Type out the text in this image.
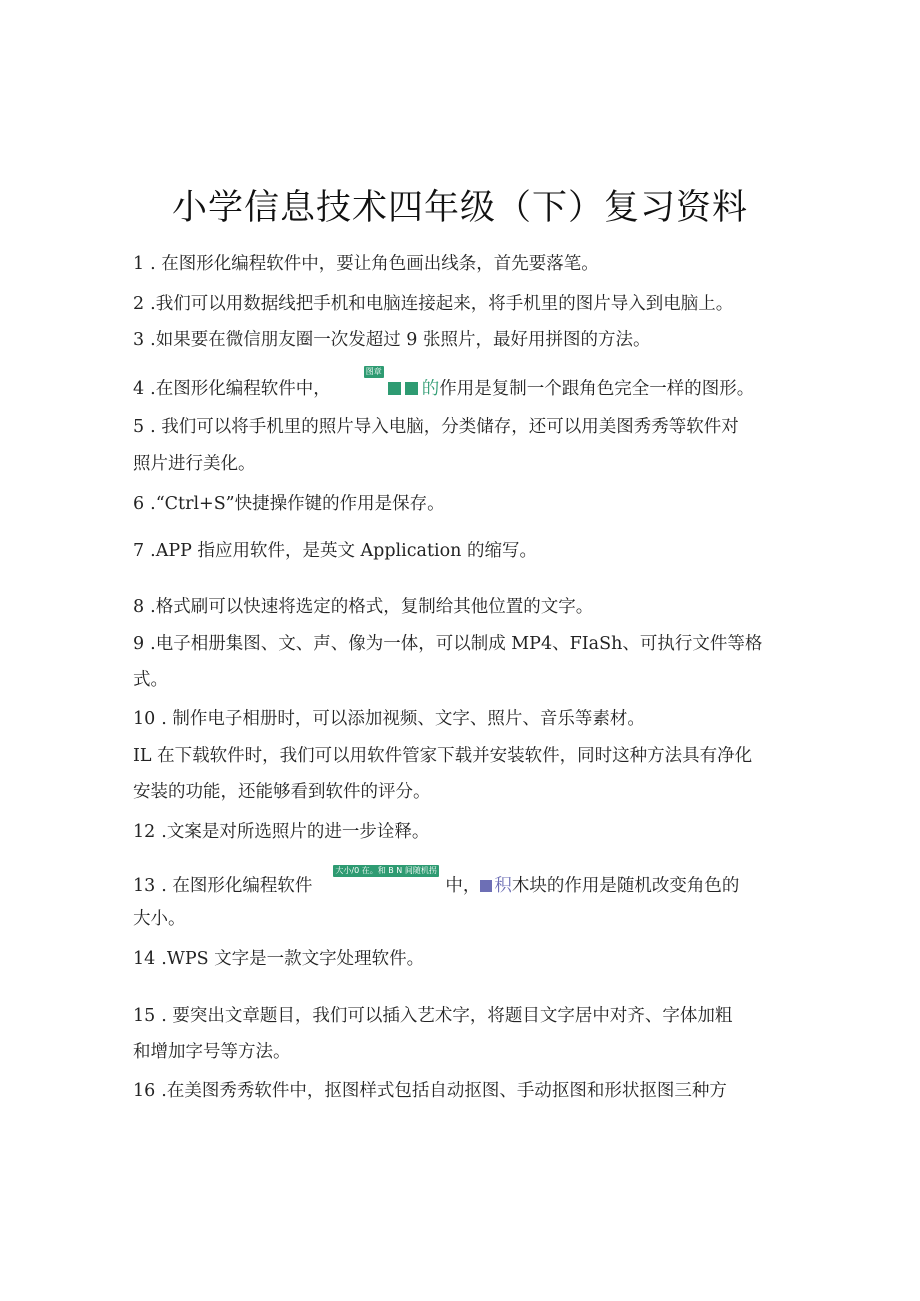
小学信息技术四年级（下）复习资料
1 . 在图形化编程软件中，要让角色画出线条，首先要落笔。
2 .我们可以用数据线把手机和电脑连接起来，将手机里的图片导入到电脑上。
3 .如果要在微信朋友圈一次发超过 9 张照片，最好用拼图的方法。
4 .在图形化编程软件中，
图章
的作用是复制一个跟角色完全一样的图形。
5 . 我们可以将手机里的照片导入电脑，分类储存，还可以用美图秀秀等软件对
照片进行美化。
6 .“Ctrl+S”快捷操作键的作用是保存。
7 .APP 指应用软件，是英文 Application 的缩写。
8 .格式刷可以快速将选定的格式，复制给其他位置的文字。
9 .电子相册集图、文、声、像为一体，可以制成 MP4、FIaSh、可执行文件等格
式。
10 . 制作电子相册时，可以添加视频、文字、照片、音乐等素材。
IL 在下载软件时，我们可以用软件管家下载并安装软件，同时这种方法具有净化
安装的功能，还能够看到软件的评分。
12 .文案是对所选照片的进一步诠释。
13 . 在图形化编程软件
大小/0 在。和 B N 间随机拐
中， 积木块的作用是随机改变角色的
大小。
14 .WPS 文字是一款文字处理软件。
15 . 要突出文章题目，我们可以插入艺术字，将题目文字居中对齐、字体加粗
和增加字号等方法。
16 .在美图秀秀软件中，抠图样式包括自动抠图、手动抠图和形状抠图三种方
